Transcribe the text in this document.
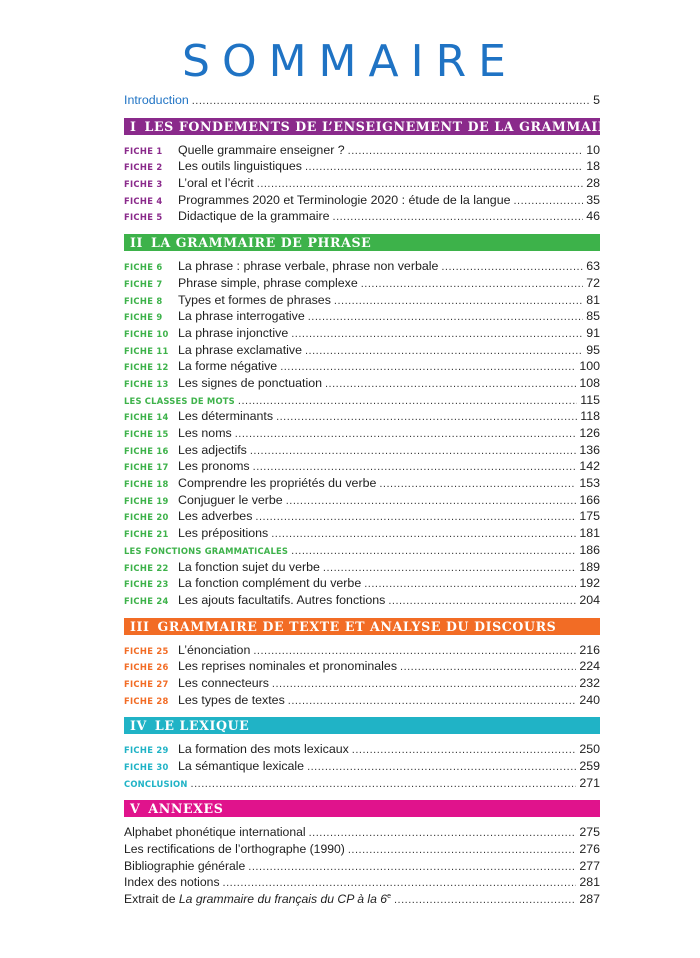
SOMMAIRE
Introduction .....	5
I LES FONDEMENTS DE L’ENSEIGNEMENT DE LA GRAMMAIRE
FICHE 1	Quelle grammaire enseigner ? .....	10
FICHE 2	Les outils linguistiques .....	18
FICHE 3	L’oral et l’écrit .....	28
FICHE 4	Programmes 2020 et Terminologie 2020 : étude de la langue .....	35
FICHE 5	Didactique de la grammaire .....	46
II LA GRAMMAIRE DE PHRASE
FICHE 6	La phrase : phrase verbale, phrase non verbale .....	63
FICHE 7	Phrase simple, phrase complexe .....	72
FICHE 8	Types et formes de phrases .....	81
FICHE 9	La phrase interrogative .....	85
FICHE 10 La phrase injonctive .....	91
FICHE 11 La phrase exclamative .....	95
FICHE 12 La forme négative .....	100
FICHE 13 Les signes de ponctuation .....	108
LES CLASSES DE MOTS .....	115
FICHE 14 Les déterminants .....	118
FICHE 15 Les noms .....	126
FICHE 16 Les adjectifs .....	136
FICHE 17 Les pronoms .....	142
FICHE 18 Comprendre les propriétés du verbe .....	153
FICHE 19 Conjuguer le verbe .....	166
FICHE 20 Les adverbes .....	175
FICHE 21 Les prépositions .....	181
LES FONCTIONS GRAMMATICALES .....	186
FICHE 22 La fonction sujet du verbe .....	189
FICHE 23 La fonction complément du verbe .....	192
FICHE 24 Les ajouts facultatifs. Autres fonctions .....	204
III GRAMMAIRE DE TEXTE ET ANALYSE DU DISCOURS
FICHE 25 L’énonciation .....	216
FICHE 26 Les reprises nominales et pronominales .....	224
FICHE 27 Les connecteurs .....	232
FICHE 28 Les types de textes .....	240
IV LE LEXIQUE
FICHE 29 La formation des mots lexicaux .....	250
FICHE 30 La sémantique lexicale .....	259
CONCLUSION .....	271
V ANNEXES
Alphabet phonétique international .....	275
Les rectifications de l’orthographe (1990) .....	276
Bibliographie générale .....	277
Index des notions .....	281
Extrait de La grammaire du français du CP à la 6e .....	287
